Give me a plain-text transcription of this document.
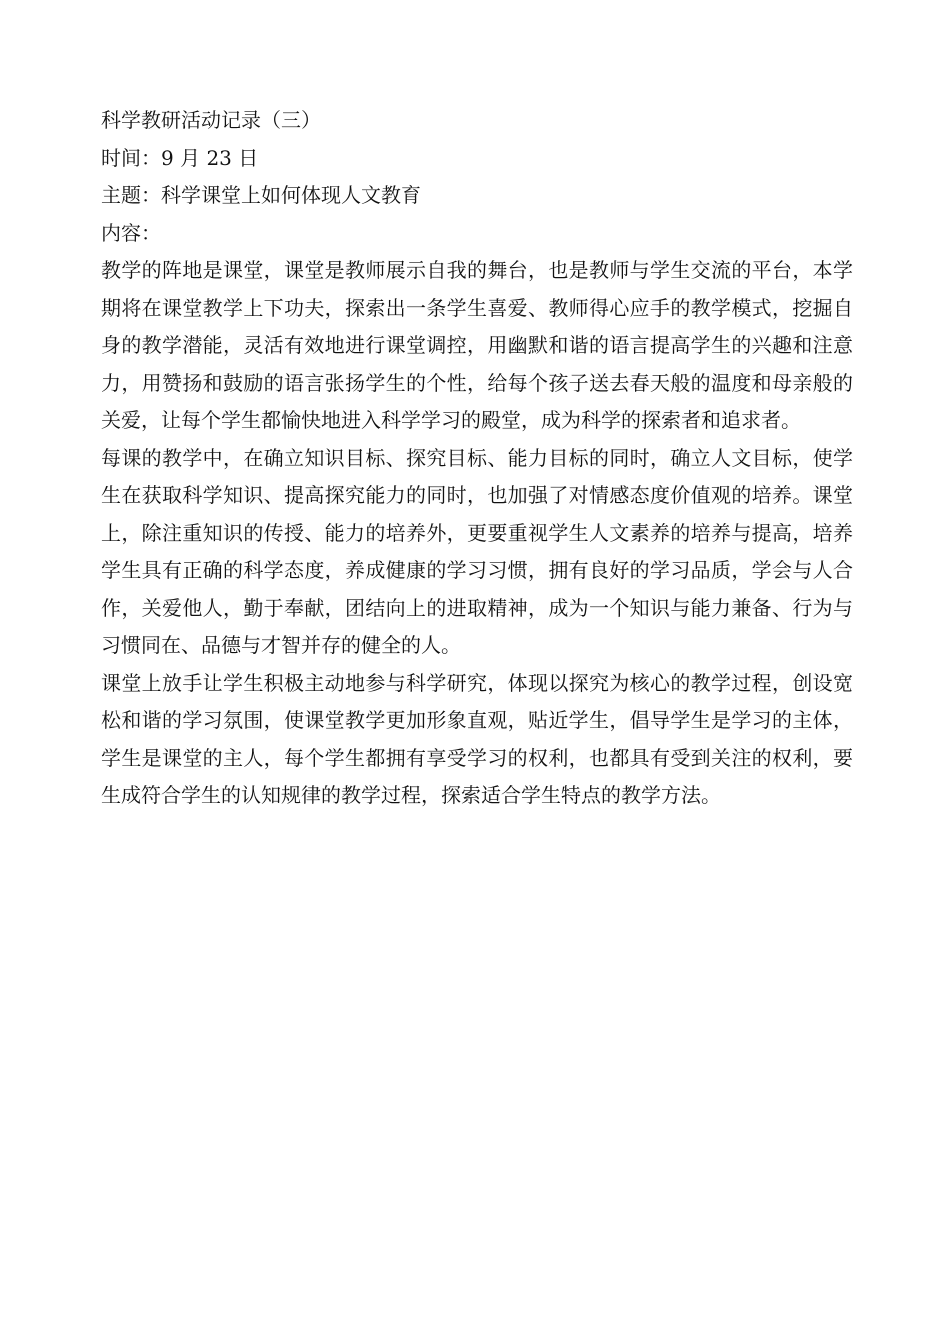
科学教研活动记录（三）

时间：9 月 23 日

主题：科学课堂上如何体现人文教育

内容：

教学的阵地是课堂，课堂是教师展示自我的舞台，也是教师与学生交流的平台，本学期将在课堂教学上下功夫，探索出一条学生喜爱、教师得心应手的教学模式，挖掘自身的教学潜能，灵活有效地进行课堂调控，用幽默和谐的语言提高学生的兴趣和注意力，用赞扬和鼓励的语言张扬学生的个性，给每个孩子送去春天般的温度和母亲般的关爱，让每个学生都愉快地进入科学学习的殿堂，成为科学的探索者和追求者。

每课的教学中，在确立知识目标、探究目标、能力目标的同时，确立人文目标，使学生在获取科学知识、提高探究能力的同时，也加强了对情感态度价值观的培养。课堂上，除注重知识的传授、能力的培养外，更要重视学生人文素养的培养与提高，培养学生具有正确的科学态度，养成健康的学习习惯，拥有良好的学习品质，学会与人合作，关爱他人，勤于奉献，团结向上的进取精神，成为一个知识与能力兼备、行为与习惯同在、品德与才智并存的健全的人。

课堂上放手让学生积极主动地参与科学研究，体现以探究为核心的教学过程，创设宽松和谐的学习氛围，使课堂教学更加形象直观，贴近学生，倡导学生是学习的主体，学生是课堂的主人，每个学生都拥有享受学习的权利，也都具有受到关注的权利，要生成符合学生的认知规律的教学过程，探索适合学生特点的教学方法。
